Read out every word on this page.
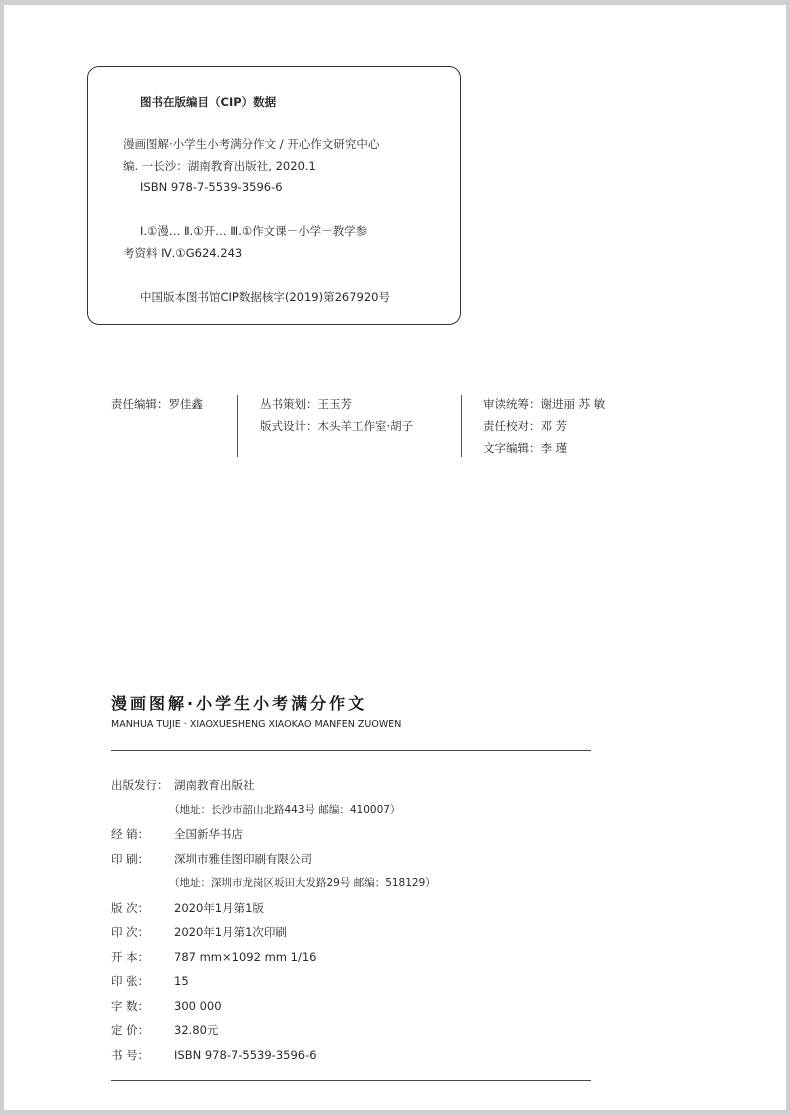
图书在版编目（CIP）数据
漫画图解·小学生小考满分作文 / 开心作文研究中心
编. 一长沙：湖南教育出版社, 2020.1
ISBN 978-7-5539-3596-6
Ⅰ.①漫… Ⅱ.①开… Ⅲ.①作文课－小学－教学参
考资料 Ⅳ.①G624.243
中国版本图书馆CIP数据核字(2019)第267920号
责任编辑：罗佳鑫	丛书策划：王玉芳
版式设计：木头羊工作室·胡子
审读统筹：谢进丽 苏 敏
责任校对：邓 芳
文字编辑：李 瑾
漫画图解·小学生小考满分作文
MANHUA TUJIE · XIAOXUESHENG XIAOKAO MANFEN ZUOWEN
出版发行： 湖南教育出版社
（地址：长沙市韶山北路443号 邮编：410007）
经 销： 全国新华书店
印 刷： 深圳市雅佳图印刷有限公司
（地址：深圳市龙岗区坂田大发路29号 邮编：518129）
版 次： 2020年1月第1版
印 次： 2020年1月第1次印刷
开 本： 787 mm×1092 mm 1/16
印 张： 15
字 数： 300 000
定 价： 32.80元
书 号： ISBN 978-7-5539-3596-6
